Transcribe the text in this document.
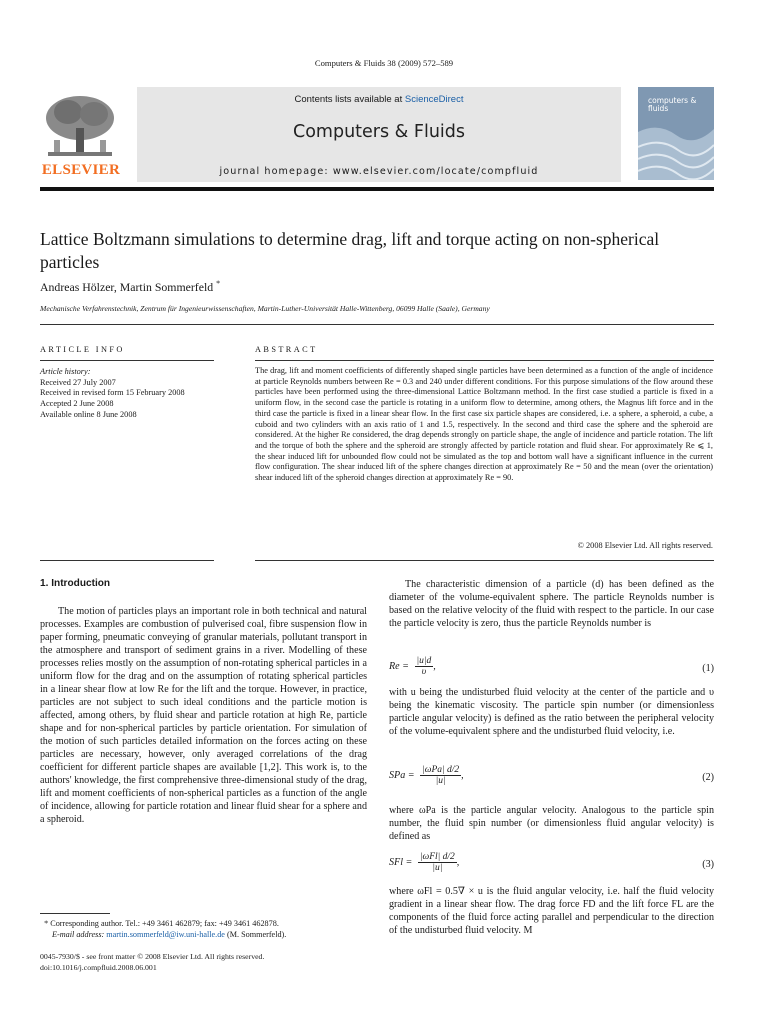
Computers & Fluids 38 (2009) 572–589
Contents lists available at ScienceDirect
Computers & Fluids
journal homepage: www.elsevier.com/locate/compfluid
ELSEVIER
computers & fluids
Lattice Boltzmann simulations to determine drag, lift and torque acting on non-spherical particles
Andreas Hölzer, Martin Sommerfeld *
Mechanische Verfahrenstechnik, Zentrum für Ingenieurwissenschaften, Martin-Luther-Universität Halle-Wittenberg, 06099 Halle (Saale), Germany
ARTICLE INFO
Article history:
Received 27 July 2007
Received in revised form 15 February 2008
Accepted 2 June 2008
Available online 8 June 2008
ABSTRACT
The drag, lift and moment coefficients of differently shaped single particles have been determined as a function of the angle of incidence at particle Reynolds numbers between Re = 0.3 and 240 under different conditions. For this purpose simulations of the flow around these particles have been performed using the three-dimensional Lattice Boltzmann method. In the first case studied a particle is fixed in a uniform flow, in the second case the particle is rotating in a uniform flow to determine, among others, the Magnus lift force and in the third case the particle is fixed in a linear shear flow. In the first case six particle shapes are considered, i.e. a sphere, a spheroid, a cube, a cuboid and two cylinders with an axis ratio of 1 and 1.5, respectively. In the second and third case the sphere and the spheroid are considered. At the higher Re considered, the drag depends strongly on particle shape, the angle of incidence and particle rotation. The lift and the torque of both the sphere and the spheroid are strongly affected by particle rotation and fluid shear. For approximately Re ⩽ 1, the shear induced lift for unbounded flow could not be simulated as the top and bottom wall have a significant influence in the current flow configuration. The shear induced lift of the sphere changes direction at approximately Re = 50 and the mean (over the orientation) shear induced lift of the spheroid changes direction at approximately Re = 90.
© 2008 Elsevier Ltd. All rights reserved.
1. Introduction
The motion of particles plays an important role in both technical and natural processes. Examples are combustion of pulverised coal, fibre suspension flow in paper forming, pneumatic conveying of granular materials, pollutant transport in the atmosphere and transport of sediment grains in a river. Modelling of these processes relies mostly on the assumption of non-rotating spherical particles in a uniform flow for the drag and on the assumption of rotating spherical particles in a linear shear flow at low Re for the lift and the torque. However, in practice, particles are not subject to such ideal conditions and the particle motion is affected, among others, by fluid shear and particle rotation at high Re, particle shape and for non-spherical particles by particle orientation. For simulation of the motion of such particles detailed information on the forces acting on these particles are necessary, however, only averaged correlations of the drag coefficient for different particle shapes are available [1,2]. This work is, to the authors' knowledge, the first comprehensive three-dimensional study of the drag, lift and moment coefficients of non-spherical particles as a function of the angle of incidence, allowing for particle rotation and linear fluid shear for a sphere and a spheroid.
The characteristic dimension of a particle (d) has been defined as the diameter of the volume-equivalent sphere. The particle Reynolds number is based on the relative velocity of the fluid with respect to the particle. In our case the particle velocity is zero, thus the particle Reynolds number is
$Re = \frac{|u|d}{\upsilon}$ ,	(1)
with u being the undisturbed fluid velocity at the center of the particle and υ being the kinematic viscosity. The particle spin number (or dimensionless particle angular velocity) is defined as the ratio between the peripheral velocity of the volume-equivalent sphere and the undisturbed fluid velocity, i.e.
SPa = $\frac{\text{|ωPa| d/2}}{|u|}$ ,	(2)
where ωPa is the particle angular velocity. Analogous to the particle spin number, the fluid spin number (or dimensionless fluid angular velocity) is defined as
SFl = $\frac{\text{|ωFl| d/2}}{|u|}$ ,	(3)
where ωFl = 0.5∇ × u is the fluid angular velocity, i.e. half the fluid velocity gradient in a linear shear flow. The drag force FD and the lift force FL are the components of the fluid force acting parallel and perpendicular to the direction of the undisturbed fluid velocity. M
* Corresponding author. Tel.: +49 3461 462879; fax: +49 3461 462878.
E-mail address: martin.sommerfeld@iw.uni-halle.de (M. Sommerfeld).
0045-7930/$ - see front matter © 2008 Elsevier Ltd. All rights reserved.
doi:10.1016/j.compfluid.2008.06.001
